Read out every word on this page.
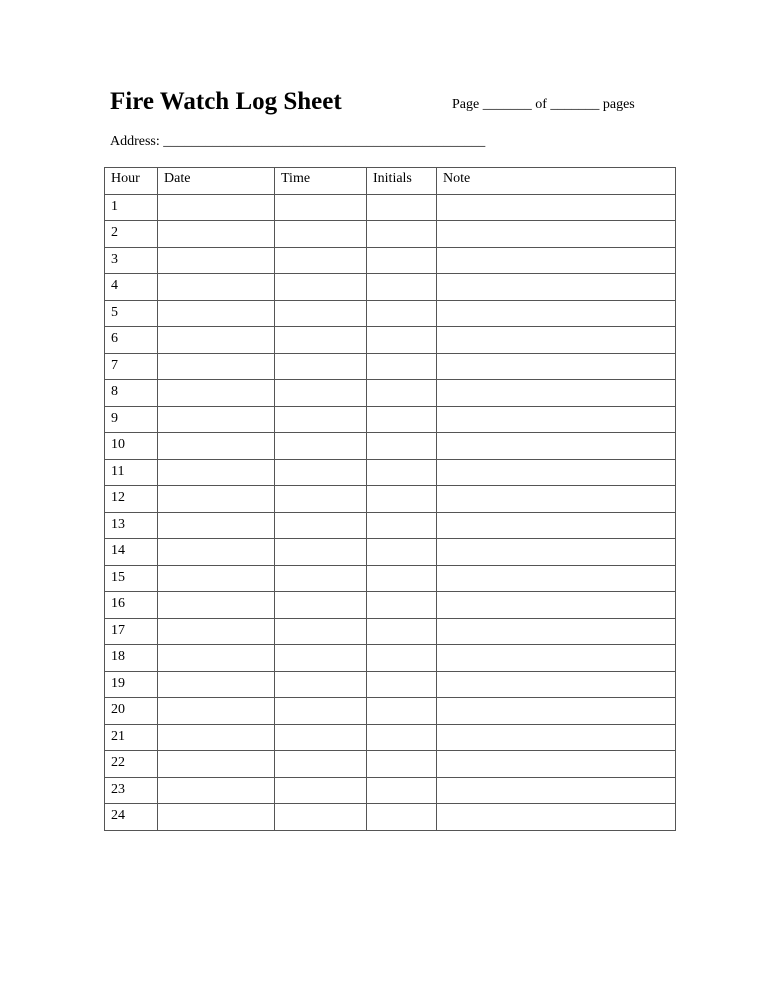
Fire Watch Log Sheet	Page _______ of _______ pages
Address: ______________________________________________
Hour	Date	Time	Initials	Note
1				
2				
3				
4				
5				
6				
7				
8				
9				
10				
11				
12				
13				
14				
15				
16				
17				
18				
19				
20				
21				
22				
23				
24				
